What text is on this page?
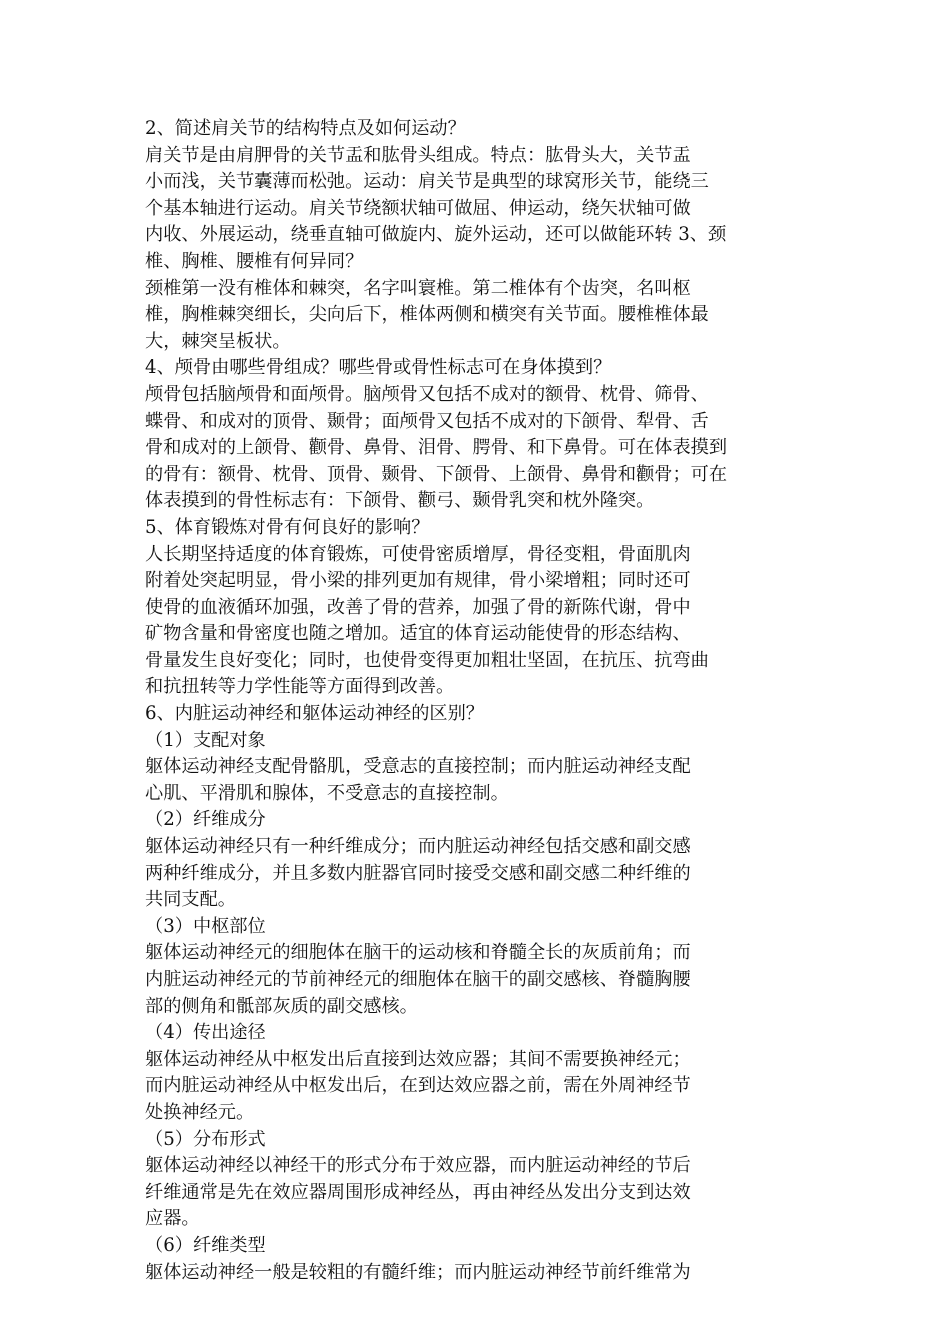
2、简述肩关节的结构特点及如何运动？
肩关节是由肩胛骨的关节盂和肱骨头组成。特点：肱骨头大，关节盂
小而浅，关节囊薄而松弛。运动：肩关节是典型的球窝形关节，能绕三
个基本轴进行运动。肩关节绕额状轴可做屈、伸运动，绕矢状轴可做
内收、外展运动，绕垂直轴可做旋内、旋外运动，还可以做能环转 3、颈
椎、胸椎、腰椎有何异同？
颈椎第一没有椎体和棘突，名字叫寰椎。第二椎体有个齿突，名叫枢
椎，胸椎棘突细长，尖向后下，椎体两侧和横突有关节面。腰椎椎体最
大，棘突呈板状。
4、颅骨由哪些骨组成？哪些骨或骨性标志可在身体摸到？
颅骨包括脑颅骨和面颅骨。脑颅骨又包括不成对的额骨、枕骨、筛骨、
蝶骨、和成对的顶骨、颞骨；面颅骨又包括不成对的下颌骨、犁骨、舌
骨和成对的上颌骨、颧骨、鼻骨、泪骨、腭骨、和下鼻骨。可在体表摸到
的骨有：额骨、枕骨、顶骨、颞骨、下颌骨、上颌骨、鼻骨和颧骨；可在
体表摸到的骨性标志有：下颌骨、颧弓、颞骨乳突和枕外隆突。
5、体育锻炼对骨有何良好的影响？
人长期坚持适度的体育锻炼，可使骨密质增厚，骨径变粗，骨面肌肉
附着处突起明显，骨小梁的排列更加有规律，骨小梁增粗；同时还可
使骨的血液循环加强，改善了骨的营养，加强了骨的新陈代谢，骨中
矿物含量和骨密度也随之增加。适宜的体育运动能使骨的形态结构、
骨量发生良好变化；同时，也使骨变得更加粗壮坚固，在抗压、抗弯曲
和抗扭转等力学性能等方面得到改善。
6、内脏运动神经和躯体运动神经的区别？
（1）支配对象
躯体运动神经支配骨骼肌，受意志的直接控制；而内脏运动神经支配
心肌、平滑肌和腺体，不受意志的直接控制。
（2）纤维成分
躯体运动神经只有一种纤维成分；而内脏运动神经包括交感和副交感
两种纤维成分，并且多数内脏器官同时接受交感和副交感二种纤维的
共同支配。
（3）中枢部位
躯体运动神经元的细胞体在脑干的运动核和脊髓全长的灰质前角；而
内脏运动神经元的节前神经元的细胞体在脑干的副交感核、脊髓胸腰
部的侧角和骶部灰质的副交感核。
（4）传出途径
躯体运动神经从中枢发出后直接到达效应器；其间不需要换神经元；
而内脏运动神经从中枢发出后，在到达效应器之前，需在外周神经节
处换神经元。
（5）分布形式
躯体运动神经以神经干的形式分布于效应器，而内脏运动神经的节后
纤维通常是先在效应器周围形成神经丛，再由神经丛发出分支到达效
应器。
（6）纤维类型
躯体运动神经一般是较粗的有髓纤维；而内脏运动神经节前纤维常为
